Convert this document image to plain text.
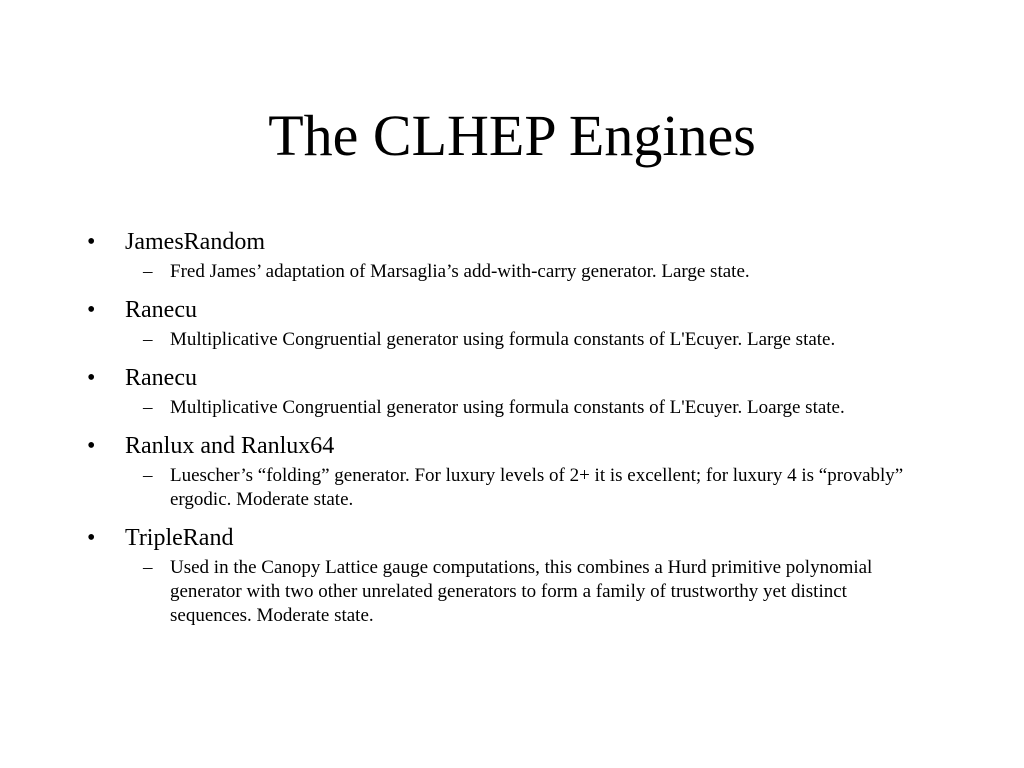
The CLHEP Engines
•	JamesRandom
– Fred James’ adaptation of Marsaglia’s add-with-carry generator. Large state.
•	Ranecu
– Multiplicative Congruential generator using formula constants of L'Ecuyer. Large state.
•	Ranecu
– Multiplicative Congruential generator using formula constants of L'Ecuyer. Loarge state.
•	Ranlux and Ranlux64
– Luescher’s “folding” generator. For luxury levels of 2+ it is excellent; for luxury 4 is “provably” ergodic. Moderate state.
•	TripleRand
– Used in the Canopy Lattice gauge computations, this combines a Hurd primitive polynomial generator with two other unrelated generators to form a family of trustworthy yet distinct sequences. Moderate state.
